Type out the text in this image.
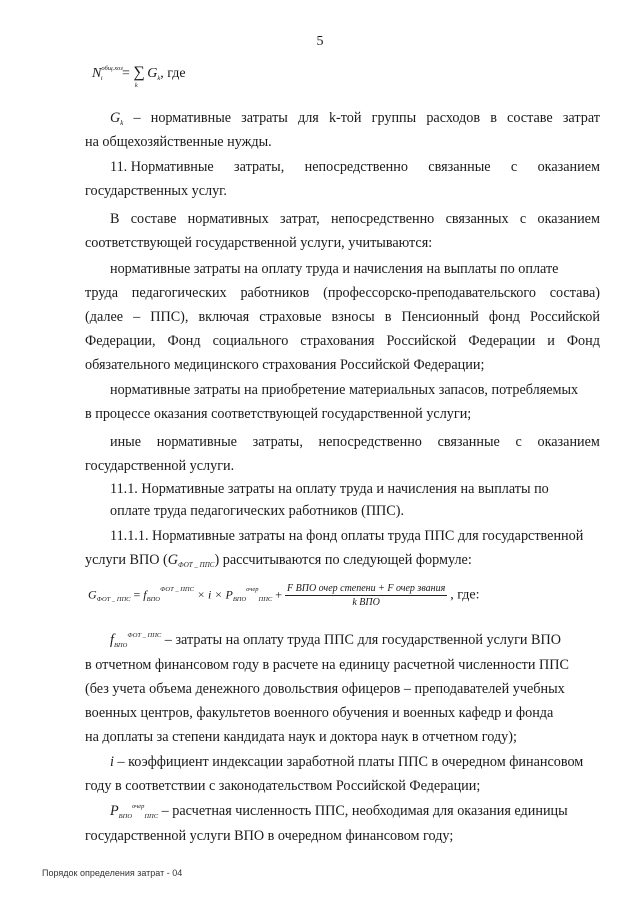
5
$N^{общ.хоз}_i = \sum_k$ $G_k$, где
$G_k$ – нормативные затраты для k-той группы расходов в составе затрат
на общехозяйственные нужды.
11. Нормативные затраты, непосредственно связанные с оказанием
государственных услуг.
В составе нормативных затрат, непосредственно связанных с оказанием
соответствующей государственной услуги, учитываются:
нормативные затраты на оплату труда и начисления на выплаты по оплате
труда педагогических работников (профессорско-преподавательского состава)
(далее – ППС), включая страховые взносы в Пенсионный фонд Российской
Федерации, Фонд социального страхования Российской Федерации и Фонд
обязательного медицинского страхования Российской Федерации;
нормативные затраты на приобретение материальных запасов, потребляемых
в процессе оказания соответствующей государственной услуги;
иные нормативные затраты, непосредственно связанные с оказанием
государственной услуги.
11.1. Нормативные затраты на оплату труда и начисления на выплаты по
оплате труда педагогических работников (ППС).
11.1.1. Нормативные затраты на фонд оплаты труда ППС для государственной
услуги ВПО $(G_{ФОТ \_ ППС})$ рассчитываются по следующей формуле:
$G_{ФОТ \_ ППС} = f_{ВПО}^{ФОТ \_ ППС} \times i \times P_{ВПО}^{очер}_{ППС} + \frac{\text{F ВПО очер степени + F очер звания}}{\text{k ВПО}}$ , где:
$f_{ВПО}^{ФОТ \_ ППС}$ – затраты на оплату труда ППС для государственной услуги ВПО
в отчетном финансовом году в расчете на единицу расчетной численности ППС
(без учета объема денежного довольствия офицеров – преподавателей учебных
военных центров, факультетов военного обучения и военных кафедр и фонда
на доплаты за степени кандидата наук и доктора наук в отчетном году);
i – коэффициент индексации заработной платы ППС в очередном финансовом
году в соответствии с законодательством Российской Федерации;
$P_{ВПО}^{очер}_{ППС}$ – расчетная численность ППС, необходимая для оказания единицы
государственной услуги ВПО в очередном финансовом году;
Порядок определения затрат - 04
